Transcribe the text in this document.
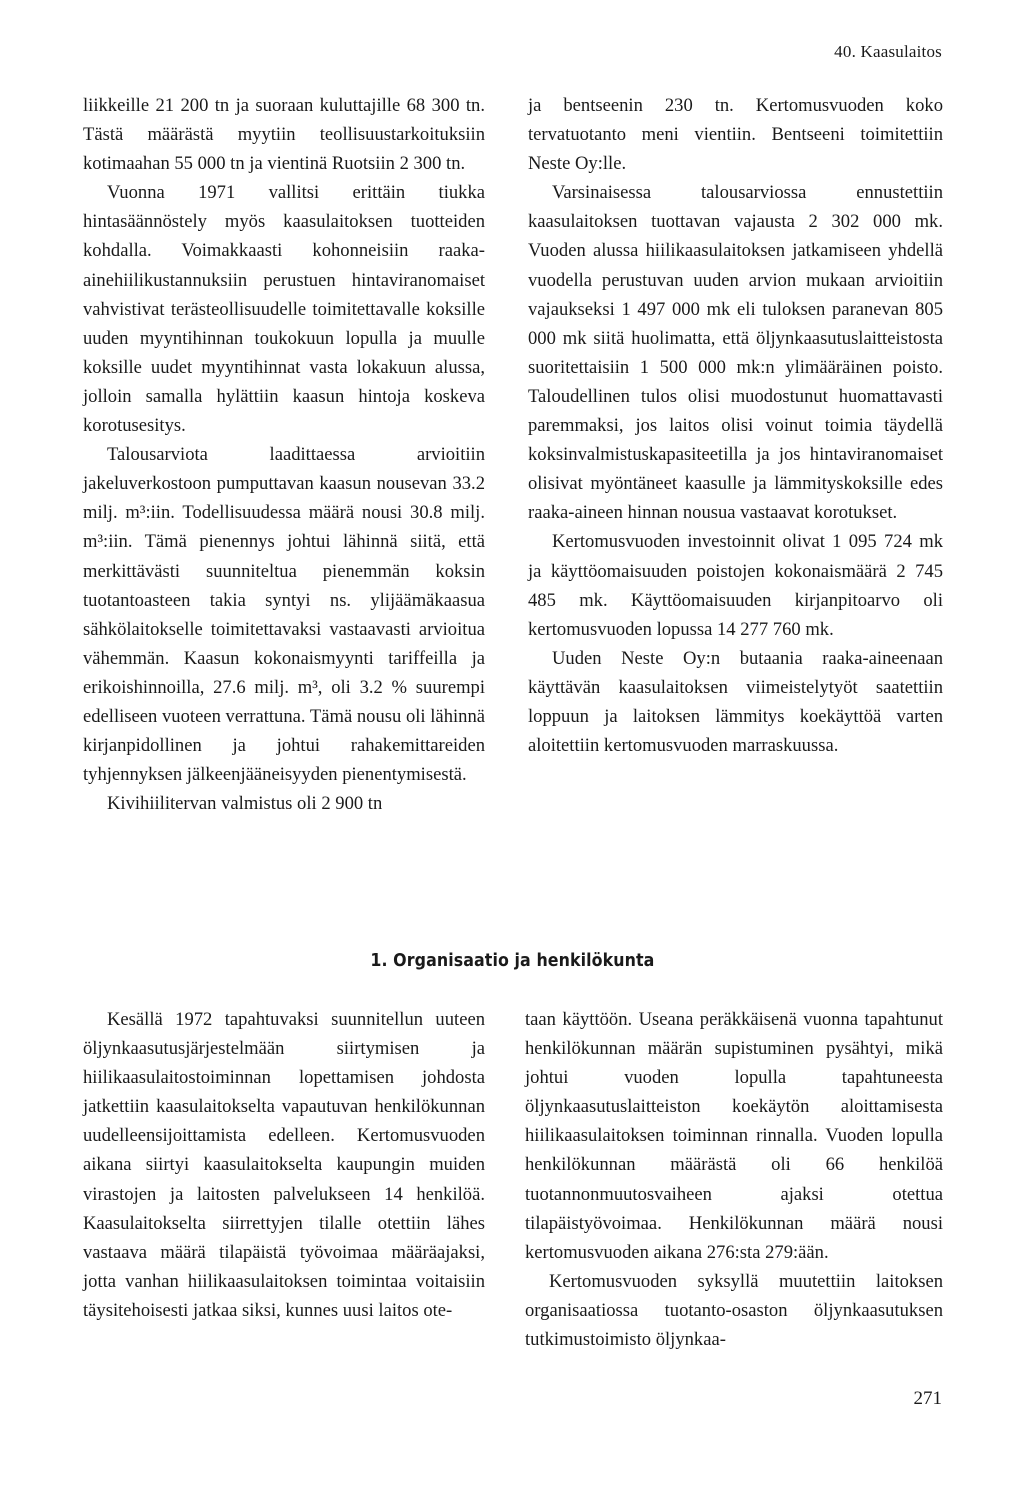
40. Kaasulaitos

liikkeille 21 200 tn ja suoraan kuluttajille 68 300 tn. Tästä määrästä myytiin teollisuustarkoituksiin kotimaahan 55 000 tn ja vientinä Ruotsiin 2 300 tn.

Vuonna 1971 vallitsi erittäin tiukka hintasäännöstely myös kaasulaitoksen tuotteiden kohdalla. Voimakkaasti kohonneisiin raaka-ainehiilikustannuksiin perustuen hintaviranomaiset vahvistivat terästeollisuudelle toimitettavalle koksille uuden myyntihinnan toukokuun lopulla ja muulle koksille uudet myyntihinnat vasta lokakuun alussa, jolloin samalla hylättiin kaasun hintoja koskeva korotusesitys.

Talousarviota laadittaessa arvioitiin jakeluverkostoon pumputtavan kaasun nousevan 33.2 milj. m³:iin. Todellisuudessa määrä nousi 30.8 milj. m³:iin. Tämä pienennys johtui lähinnä siitä, että merkittävästi suunniteltua pienemmän koksin tuotantoasteen takia syntyi ns. ylijäämäkaasua sähkölaitokselle toimitettavaksi vastaavasti arvioitua vähemmän. Kaasun kokonaismyynti tariffeilla ja erikoishinnoilla, 27.6 milj. m³, oli 3.2 % suurempi edelliseen vuoteen verrattuna. Tämä nousu oli lähinnä kirjanpidollinen ja johtui rahakemittareiden tyhjennyksen jälkeenjääneisyyden pienentymisestä.

Kivihiilitervan valmistus oli 2 900 tn

ja bentseenin 230 tn. Kertomusvuoden koko tervatuotanto meni vientiin. Bentseeni toimitettiin Neste Oy:lle.

Varsinaisessa talousarviossa ennustettiin kaasulaitoksen tuottavan vajausta 2 302 000 mk. Vuoden alussa hiilikaasulaitoksen jatkamiseen yhdellä vuodella perustuvan uuden arvion mukaan arvioitiin vajaukseksi 1 497 000 mk eli tuloksen paranevan 805 000 mk siitä huolimatta, että öljynkaasutuslaitteistosta suoritettaisiin 1 500 000 mk:n ylimääräinen poisto. Taloudellinen tulos olisi muodostunut huomattavasti paremmaksi, jos laitos olisi voinut toimia täydellä koksinvalmistuskapasiteetilla ja jos hintaviranomaiset olisivat myöntäneet kaasulle ja lämmityskoksille edes raaka-aineen hinnan nousua vastaavat korotukset.

Kertomusvuoden investoinnit olivat 1 095 724 mk ja käyttöomaisuuden poistojen kokonaismäärä 2 745 485 mk. Käyttöomaisuuden kirjanpitoarvo oli kertomusvuoden lopussa 14 277 760 mk.

Uuden Neste Oy:n butaania raaka-aineenaan käyttävän kaasulaitoksen viimeistelytyöt saatettiin loppuun ja laitoksen lämmitys koekäyttöä varten aloitettiin kertomusvuoden marraskuussa.

1. Organisaatio ja henkilökunta

Kesällä 1972 tapahtuvaksi suunnitellun uuteen öljynkaasutusjärjestelmään siirtymisen ja hiilikaasulaitostoiminnan lopettamisen johdosta jatkettiin kaasulaitokselta vapautuvan henkilökunnan uudelleensijoittamista edelleen. Kertomusvuoden aikana siirtyi kaasulaitokselta kaupungin muiden virastojen ja laitosten palvelukseen 14 henkilöä. Kaasulaitokselta siirrettyjen tilalle otettiin lähes vastaava määrä tilapäistä työvoimaa määräajaksi, jotta vanhan hiilikaasulaitoksen toimintaa voitaisiin täysitehoisesti jatkaa siksi, kunnes uusi laitos ote-

taan käyttöön. Useana peräkkäisenä vuonna tapahtunut henkilökunnan määrän supistuminen pysähtyi, mikä johtui vuoden lopulla tapahtuneesta öljynkaasutuslaitteiston koekäytön aloittamisesta hiilikaasulaitoksen toiminnan rinnalla. Vuoden lopulla henkilökunnan määrästä oli 66 henkilöä tuotannonmuutosvaiheen ajaksi otettua tilapäistyövoimaa. Henkilökunnan määrä nousi kertomusvuoden aikana 276:sta 279:ään.

Kertomusvuoden syksyllä muutettiin laitoksen organisaatiossa tuotanto-osaston öljynkaasutuksen tutkimustoimisto öljynkaa-

271
